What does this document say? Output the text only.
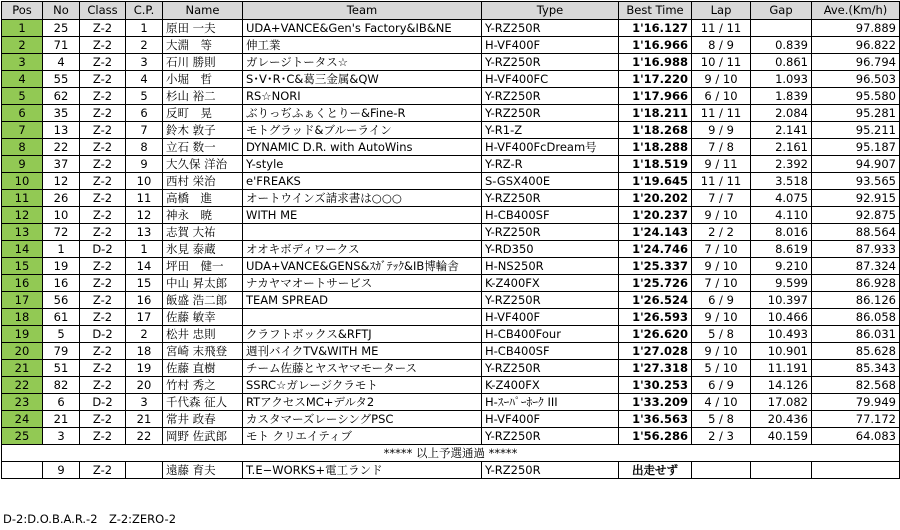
Pos	No	Class	C.P.	Name	Team	Type	Best Time	Lap	Gap	Ave.(Km/h)
1	25	Z-2	1	原田 一夫	UDA+VANCE&Gen's Factory&IB&NE	Y-RZ250R	1'16.127	11 / 11		97.889
2	71	Z-2	2	大淵　等	伸工業	H-VF400F	1'16.966	8 / 9	0.839	96.822
3	4	Z-2	3	石川 勝則	ガレージトータス☆	Y-RZ250R	1'16.988	10 / 11	0.861	96.794
4	55	Z-2	4	小堀　哲	S･V･R･C&葛三金属&QW	H-VF400FC	1'17.220	9 / 10	1.093	96.503
5	62	Z-2	5	杉山 裕二	RS☆NORI	Y-RZ250R	1'17.966	6 / 10	1.839	95.580
6	35	Z-2	6	反町　晃	ぶりっぢふぁくとりー&Fine-R	Y-RZ250R	1'18.211	11 / 11	2.084	95.281
7	13	Z-2	7	鈴木 敦子	モトグラッド&ブルーライン	Y-R1-Z	1'18.268	9 / 9	2.141	95.211
8	22	Z-2	8	立石 数一	DYNAMIC D.R. with AutoWins	H-VF400FcDream号	1'18.288	7 / 8	2.161	95.187
9	37	Z-2	9	大久保 洋治	Y-style	Y-RZ-R	1'18.519	9 / 11	2.392	94.907
10	12	Z-2	10	西村 栄治	e'FREAKS	S-GSX400E	1'19.645	11 / 11	3.518	93.565
11	26	Z-2	11	高橋　進	オートウインズ請求書は○○○	Y-RZ250R	1'20.202	7 / 7	4.075	92.915
12	10	Z-2	12	神永　暁	WITH ME	H-CB400SF	1'20.237	9 / 10	4.110	92.875
13	72	Z-2	13	志賀 大祐		Y-RZ250R	1'24.143	2 / 2	8.016	88.564
14	1	D-2	1	氷見 泰蔵	オオキボディワークス	Y-RD350	1'24.746	7 / 10	8.619	87.933
15	19	Z-2	14	坪田　健一	UDA+VANCE&GENS&ｽｶﾞﾃｯｸ&IB博輪舎	H-NS250R	1'25.337	9 / 10	9.210	87.324
16	16	Z-2	15	中山 昇太郎	ナカヤマオートサービス	K-Z400FX	1'25.726	7 / 10	9.599	86.928
17	56	Z-2	16	飯盛 浩二郎	TEAM SPREAD	Y-RZ250R	1'26.524	6 / 9	10.397	86.126
18	61	Z-2	17	佐藤 敏幸		H-VF400F	1'26.593	9 / 10	10.466	86.058
19	5	D-2	2	松井 忠則	クラフトボックス&RFTJ	H-CB400Four	1'26.620	5 / 8	10.493	86.031
20	79	Z-2	18	宮崎 末飛登	週刊バイクTV&WITH ME	H-CB400SF	1'27.028	9 / 10	10.901	85.628
21	51	Z-2	19	佐藤 直樹	チーム佐藤とヤスヤマモータース	Y-RZ250R	1'27.318	5 / 10	11.191	85.343
22	82	Z-2	20	竹村 秀之	SSRC☆ガレージクラモト	K-Z400FX	1'30.253	6 / 9	14.126	82.568
23	6	D-2	3	千代森 征人	RTアクセスMC+デルタ2	H-ｽｰﾊﾟｰﾎｰｸ III	1'33.209	4 / 10	17.082	79.949
24	21	Z-2	21	常井 政春	カスタマーズレーシングPSC	H-VF400F	1'36.563	5 / 8	20.436	77.172
25	3	Z-2	22	岡野 佐武郎	モト クリエイティブ	Y-RZ250R	1'56.286	2 / 3	40.159	64.083
***** 以上予選通過 *****										
	9	Z-2		遠藤 育夫	T.E−WORKS+電工ランド	Y-RZ250R	出走せず			
D-2:D.O.B.A.R.-2　Z-2:ZERO-2
